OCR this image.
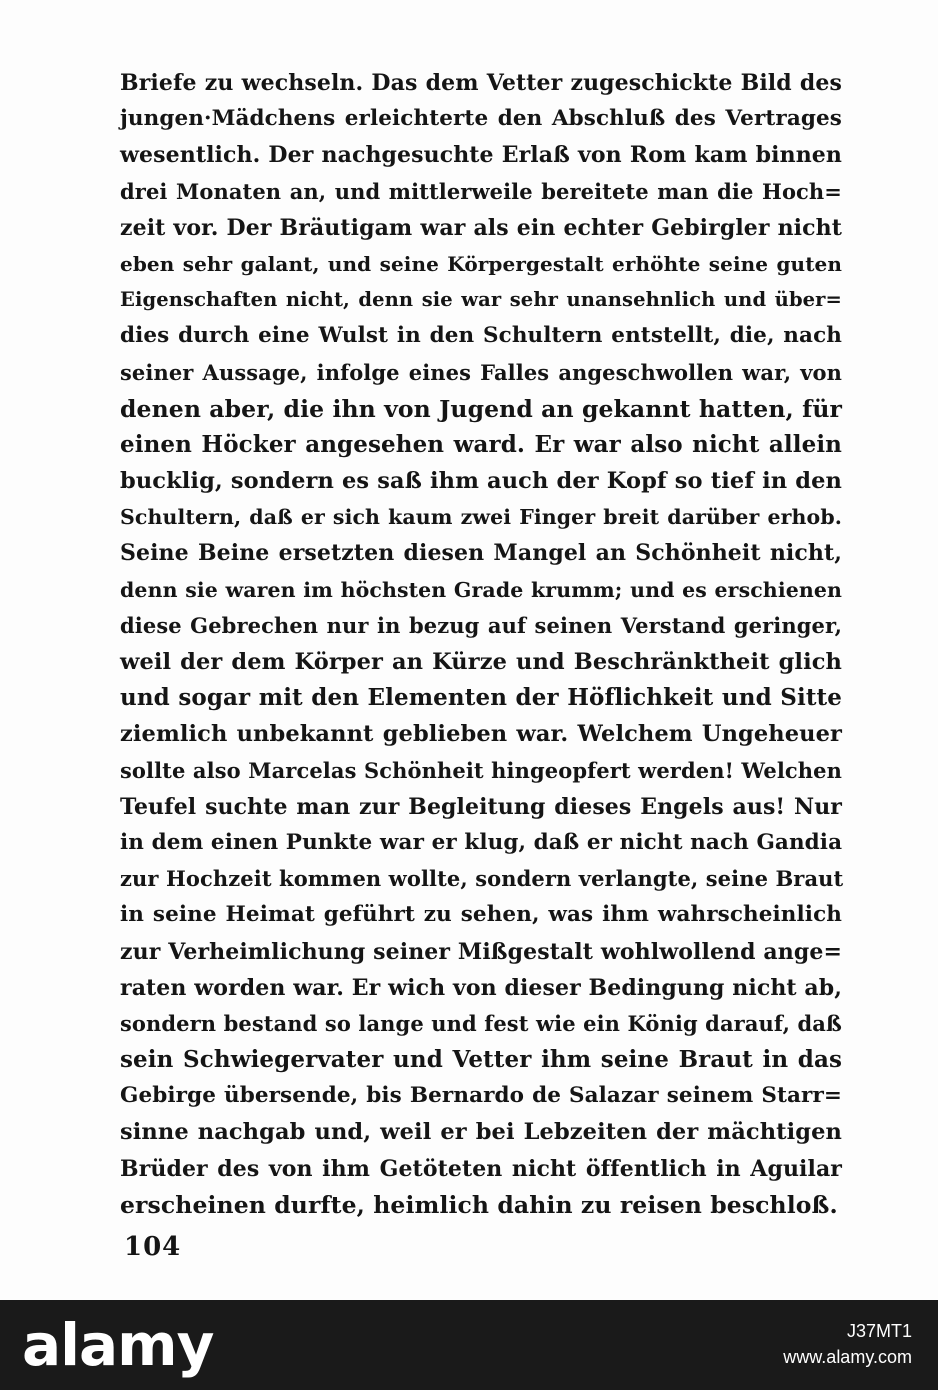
Briefe zu wechseln. Das dem Vetter zugeschickte Bild des
jungen·Mädchens erleichterte den Abschluß des Vertrages
wesentlich. Der nachgesuchte Erlaß von Rom kam binnen
drei Monaten an, und mittlerweile bereitete man die Hoch=
zeit vor. Der Bräutigam war als ein echter Gebirgler nicht
eben sehr galant, und seine Körpergestalt erhöhte seine guten
Eigenschaften nicht, denn sie war sehr unansehnlich und über=
dies durch eine Wulst in den Schultern entstellt, die, nach
seiner Aussage, infolge eines Falles angeschwollen war, von
denen aber, die ihn von Jugend an gekannt hatten, für
einen Höcker angesehen ward. Er war also nicht allein
bucklig, sondern es saß ihm auch der Kopf so tief in den
Schultern, daß er sich kaum zwei Finger breit darüber erhob.
Seine Beine ersetzten diesen Mangel an Schönheit nicht,
denn sie waren im höchsten Grade krumm; und es erschienen
diese Gebrechen nur in bezug auf seinen Verstand geringer,
weil der dem Körper an Kürze und Beschränktheit glich
und sogar mit den Elementen der Höflichkeit und Sitte
ziemlich unbekannt geblieben war. Welchem Ungeheuer
sollte also Marcelas Schönheit hingeopfert werden! Welchen
Teufel suchte man zur Begleitung dieses Engels aus! Nur
in dem einen Punkte war er klug, daß er nicht nach Gandia
zur Hochzeit kommen wollte, sondern verlangte, seine Braut
in seine Heimat geführt zu sehen, was ihm wahrscheinlich
zur Verheimlichung seiner Mißgestalt wohlwollend ange=
raten worden war. Er wich von dieser Bedingung nicht ab,
sondern bestand so lange und fest wie ein König darauf, daß
sein Schwiegervater und Vetter ihm seine Braut in das
Gebirge übersende, bis Bernardo de Salazar seinem Starr=
sinne nachgab und, weil er bei Lebzeiten der mächtigen
Brüder des von ihm Getöteten nicht öffentlich in Aguilar
erscheinen durfte, heimlich dahin zu reisen beschloß.
104
alamy	J37MT1
www.alamy.com
